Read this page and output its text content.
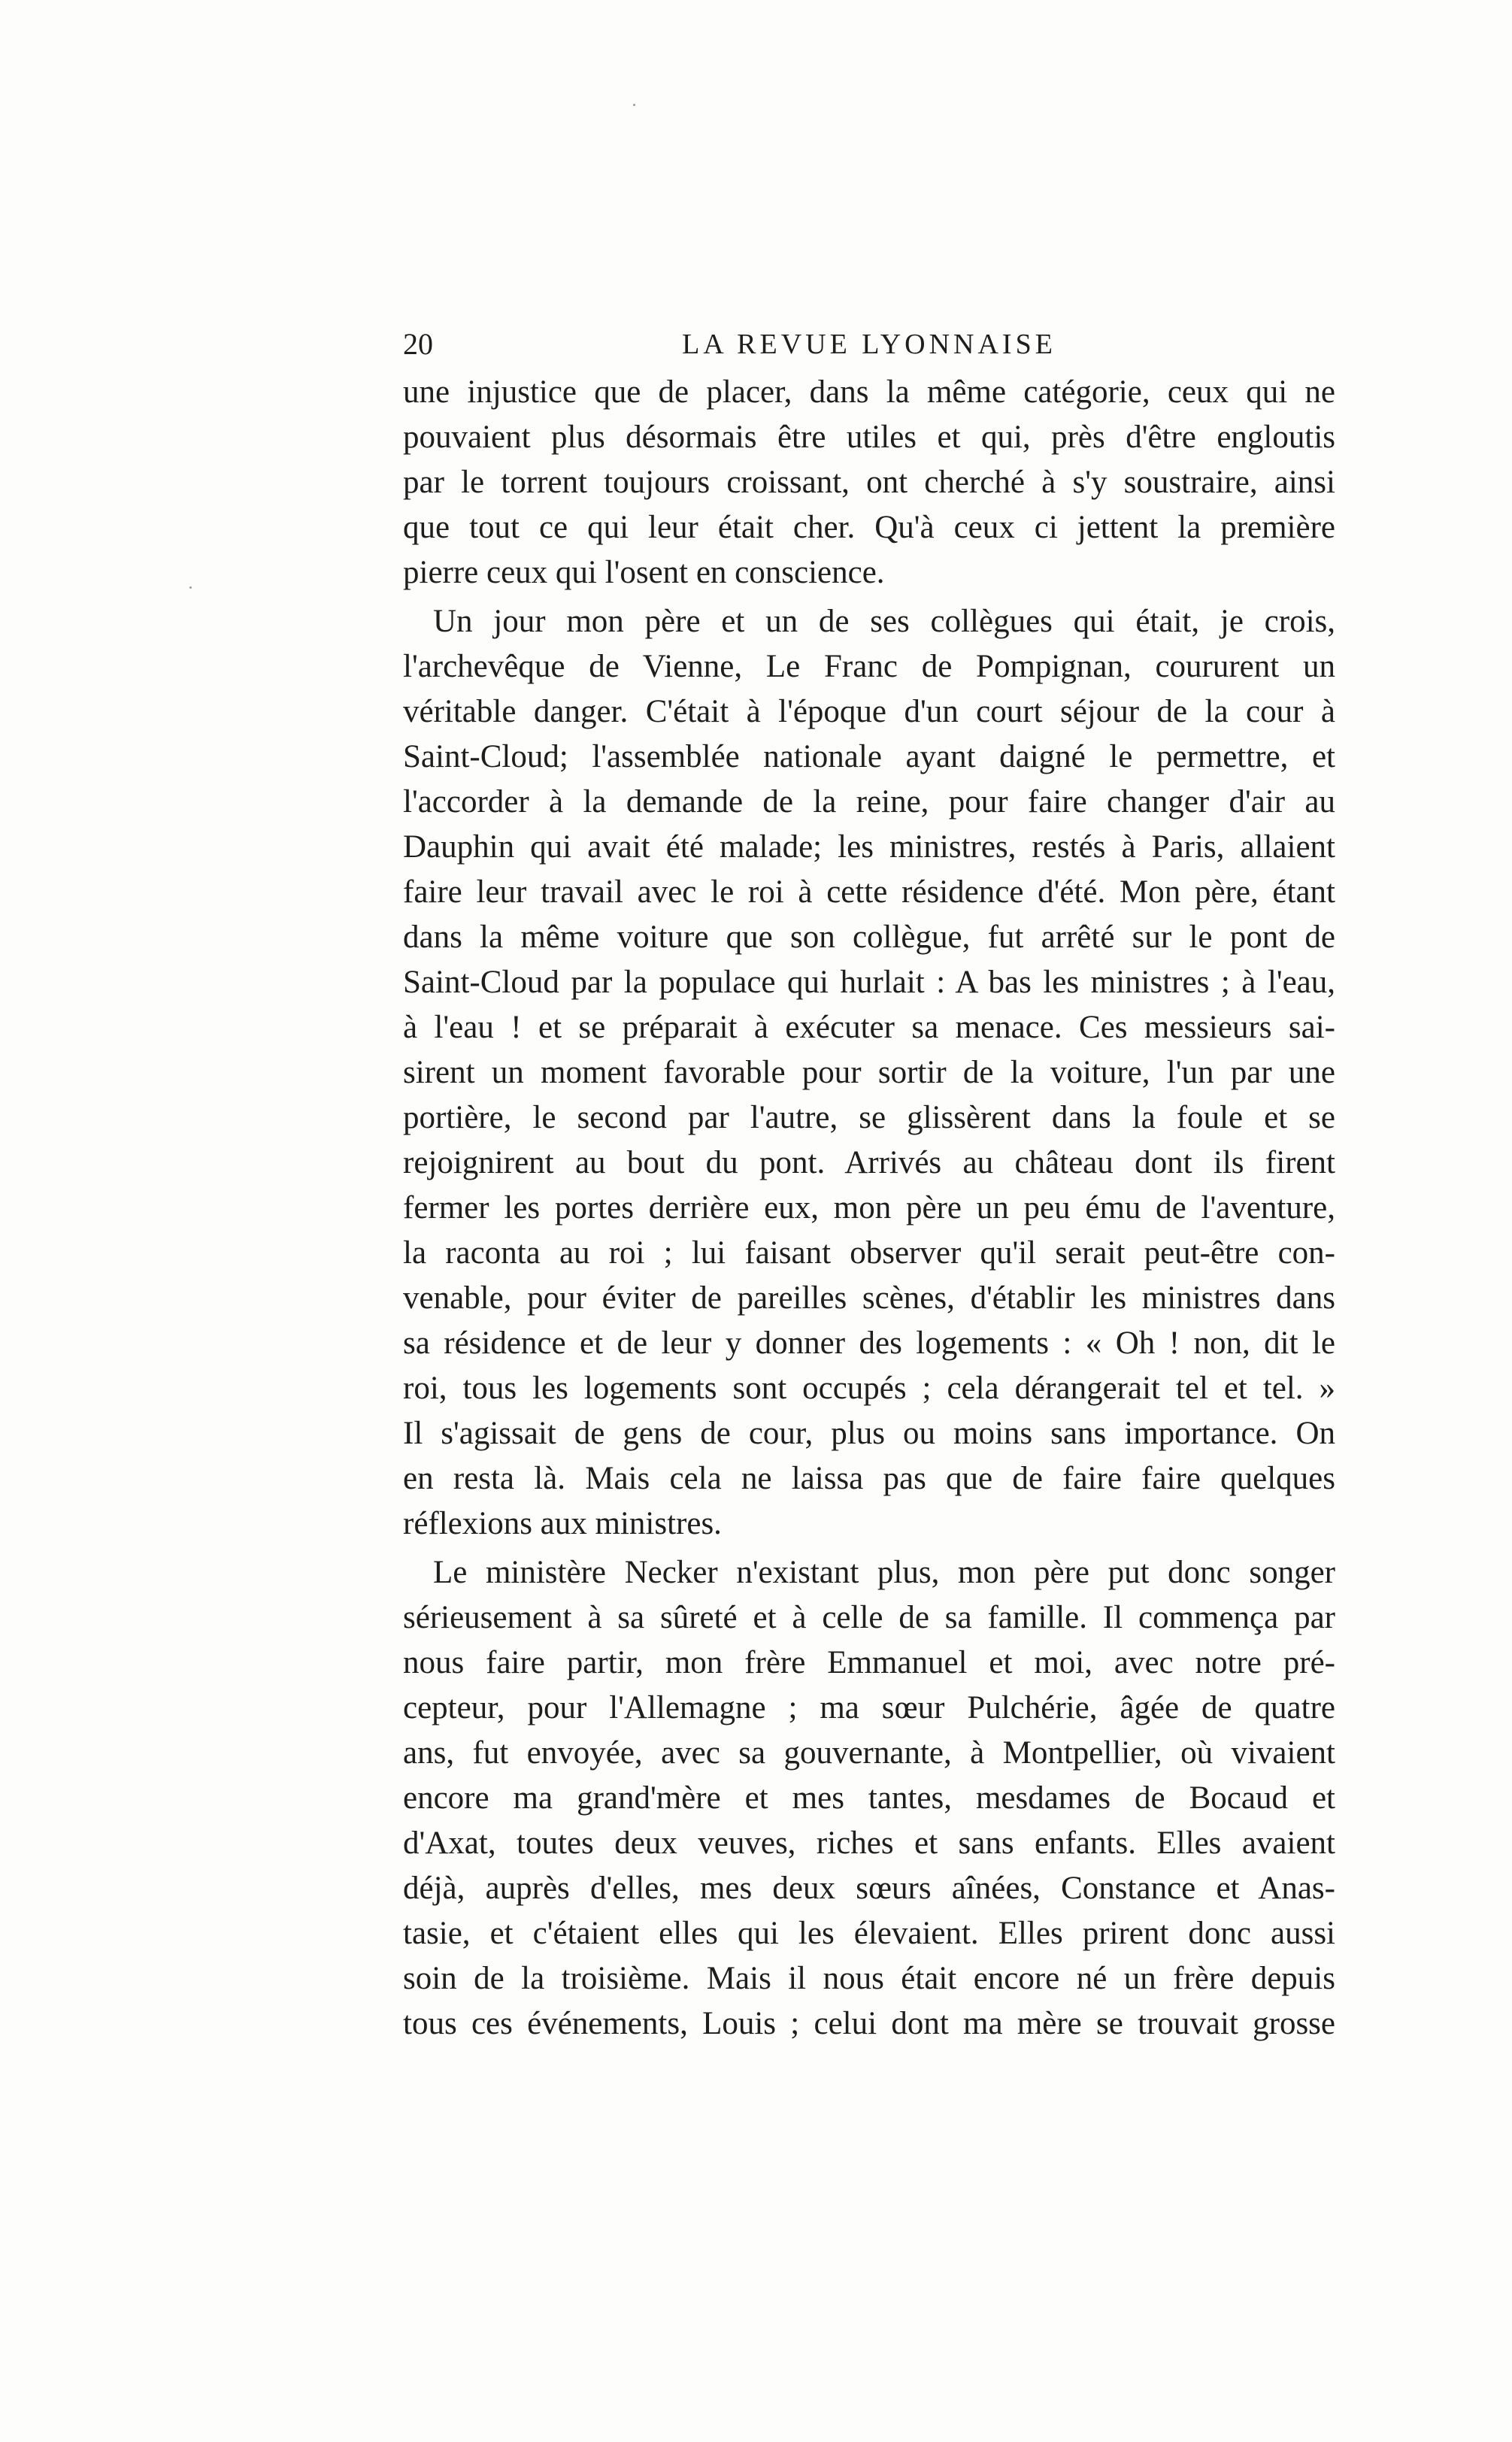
20	LA REVUE LYONNAISE
une injustice que de placer, dans la même catégorie, ceux qui ne
pouvaient plus désormais être utiles et qui, près d'être engloutis
par le torrent toujours croissant, ont cherché à s'y soustraire, ainsi
que tout ce qui leur était cher. Qu'à ceux ci jettent la première
pierre ceux qui l'osent en conscience.
Un jour mon père et un de ses collègues qui était, je crois,
l'archevêque de Vienne, Le Franc de Pompignan, coururent un
véritable danger. C'était à l'époque d'un court séjour de la cour à
Saint-Cloud; l'assemblée nationale ayant daigné le permettre, et
l'accorder à la demande de la reine, pour faire changer d'air au
Dauphin qui avait été malade; les ministres, restés à Paris, allaient
faire leur travail avec le roi à cette résidence d'été. Mon père, étant
dans la même voiture que son collègue, fut arrêté sur le pont de
Saint-Cloud par la populace qui hurlait : A bas les ministres ; à l'eau,
à l'eau ! et se préparait à exécuter sa menace. Ces messieurs sai-
sirent un moment favorable pour sortir de la voiture, l'un par une
portière, le second par l'autre, se glissèrent dans la foule et se
rejoignirent au bout du pont. Arrivés au château dont ils firent
fermer les portes derrière eux, mon père un peu ému de l'aventure,
la raconta au roi ; lui faisant observer qu'il serait peut-être con-
venable, pour éviter de pareilles scènes, d'établir les ministres dans
sa résidence et de leur y donner des logements : « Oh ! non, dit le
roi, tous les logements sont occupés ; cela dérangerait tel et tel. »
Il s'agissait de gens de cour, plus ou moins sans importance. On
en resta là. Mais cela ne laissa pas que de faire faire quelques
réflexions aux ministres.
Le ministère Necker n'existant plus, mon père put donc songer
sérieusement à sa sûreté et à celle de sa famille. Il commença par
nous faire partir, mon frère Emmanuel et moi, avec notre pré-
cepteur, pour l'Allemagne ; ma sœur Pulchérie, âgée de quatre
ans, fut envoyée, avec sa gouvernante, à Montpellier, où vivaient
encore ma grand'mère et mes tantes, mesdames de Bocaud et
d'Axat, toutes deux veuves, riches et sans enfants. Elles avaient
déjà, auprès d'elles, mes deux sœurs aînées, Constance et Anas-
tasie, et c'étaient elles qui les élevaient. Elles prirent donc aussi
soin de la troisième. Mais il nous était encore né un frère depuis
tous ces événements, Louis ; celui dont ma mère se trouvait grosse
